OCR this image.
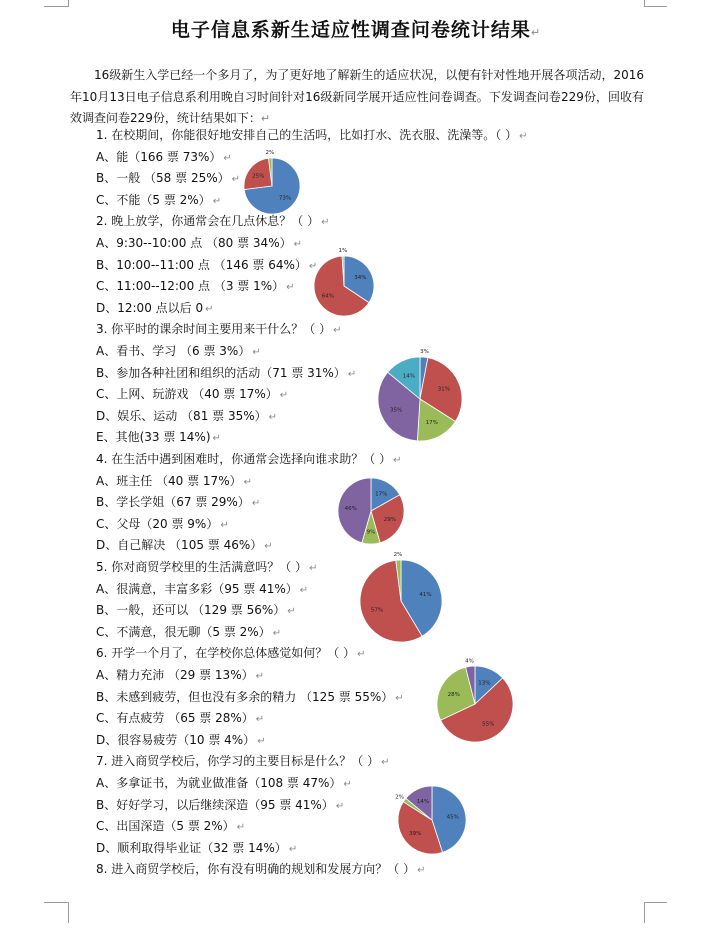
电子信息系新生适应性调查问卷统计结果↵
16级新生入学已经一个多月了，为了更好地了解新生的适应状况，以便有针对性地开展各项活动，2016年10月13日电子信息系利用晚自习时间针对16级新同学展开适应性问卷调查。下发调查问卷229份，回收有效调查问卷229份，统计结果如下：↵
1. 在校期间，你能很好地安排自己的生活吗，比如打水、洗衣服、洗澡等。（ ） ↵
A、能（166 票 73%） ↵
B、一般 （58 票 25%） ↵
C、不能（5 票 2%） ↵
2. 晚上放学，你通常会在几点休息？（ ） ↵
A、9:30--10:00 点 （80 票 34%） ↵
B、10:00--11:00 点 （146 票 64%） ↵
C、11:00--12:00 点 （3 票 1%） ↵
D、12:00 点以后 0 ↵
3. 你平时的课余时间主要用来干什么？（ ） ↵
A、看书、学习 （6 票 3%） ↵
B、参加各种社团和组织的活动（71 票 31%） ↵
C、上网、玩游戏 （40 票 17%） ↵
D、娱乐、运动 （81 票 35%） ↵
E、其他(33 票 14%) ↵
4. 在生活中遇到困难时，你通常会选择向谁求助？（ ） ↵
A、班主任 （40 票 17%） ↵
B、学长学姐（67 票 29%） ↵
C、父母（20 票 9%） ↵
D、自己解决 （105 票 46%） ↵
5. 你对商贸学校里的生活满意吗？（ ） ↵
A、很满意，丰富多彩（95 票 41%） ↵
B、一般，还可以 （129 票 56%） ↵
C、不满意，很无聊（5 票 2%） ↵
6. 开学一个月了，在学校你总体感觉如何？（ ） ↵
A、精力充沛 （29 票 13%） ↵
B、未感到疲劳，但也没有多余的精力 （125 票 55%） ↵
C、有点疲劳 （65 票 28%） ↵
D、很容易疲劳（10 票 4%） ↵
7. 进入商贸学校后，你学习的主要目标是什么？（ ） ↵
A、多拿证书，为就业做准备（108 票 47%） ↵
B、好好学习，以后继续深造（95 票 41%） ↵
C、出国深造（5 票 2%） ↵
D、顺利取得毕业证（32 票 14%） ↵
8. 进入商贸学校后，你有没有明确的规划和发展方向？（ ） ↵
73%
25%
2%
34%
64%
1%
3%
31%
17%
35%
14%
17%
29%
9%
46%
41%
57%
2%
13%
55%
28%
4%
45%
39%
2%
14%
